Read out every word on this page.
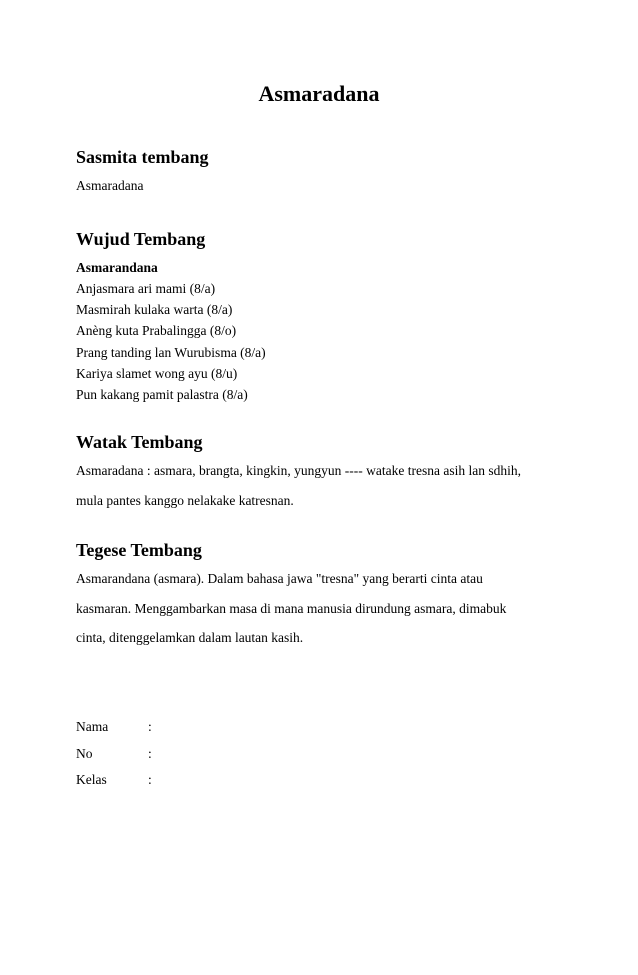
Asmaradana
Sasmita tembang
Asmaradana
Wujud Tembang
Asmarandana
Anjasmara ari mami (8/a)
Masmirah kulaka warta (8/a)
Anèng kuta Prabalingga (8/o)
Prang tanding lan Wurubisma (8/a)
Kariya slamet wong ayu (8/u)
Pun kakang pamit palastra (8/a)
Watak Tembang
Asmaradana : asmara, brangta, kingkin, yungyun ---- watake tresna asih lan sdhih,
mula pantes kanggo nelakake katresnan.
Tegese Tembang
Asmarandana (asmara). Dalam bahasa jawa "tresna" yang berarti cinta atau
kasmaran. Menggambarkan masa di mana manusia dirundung asmara, dimabuk
cinta, ditenggelamkan dalam lautan kasih.
Nama	:
No	:
Kelas	:
